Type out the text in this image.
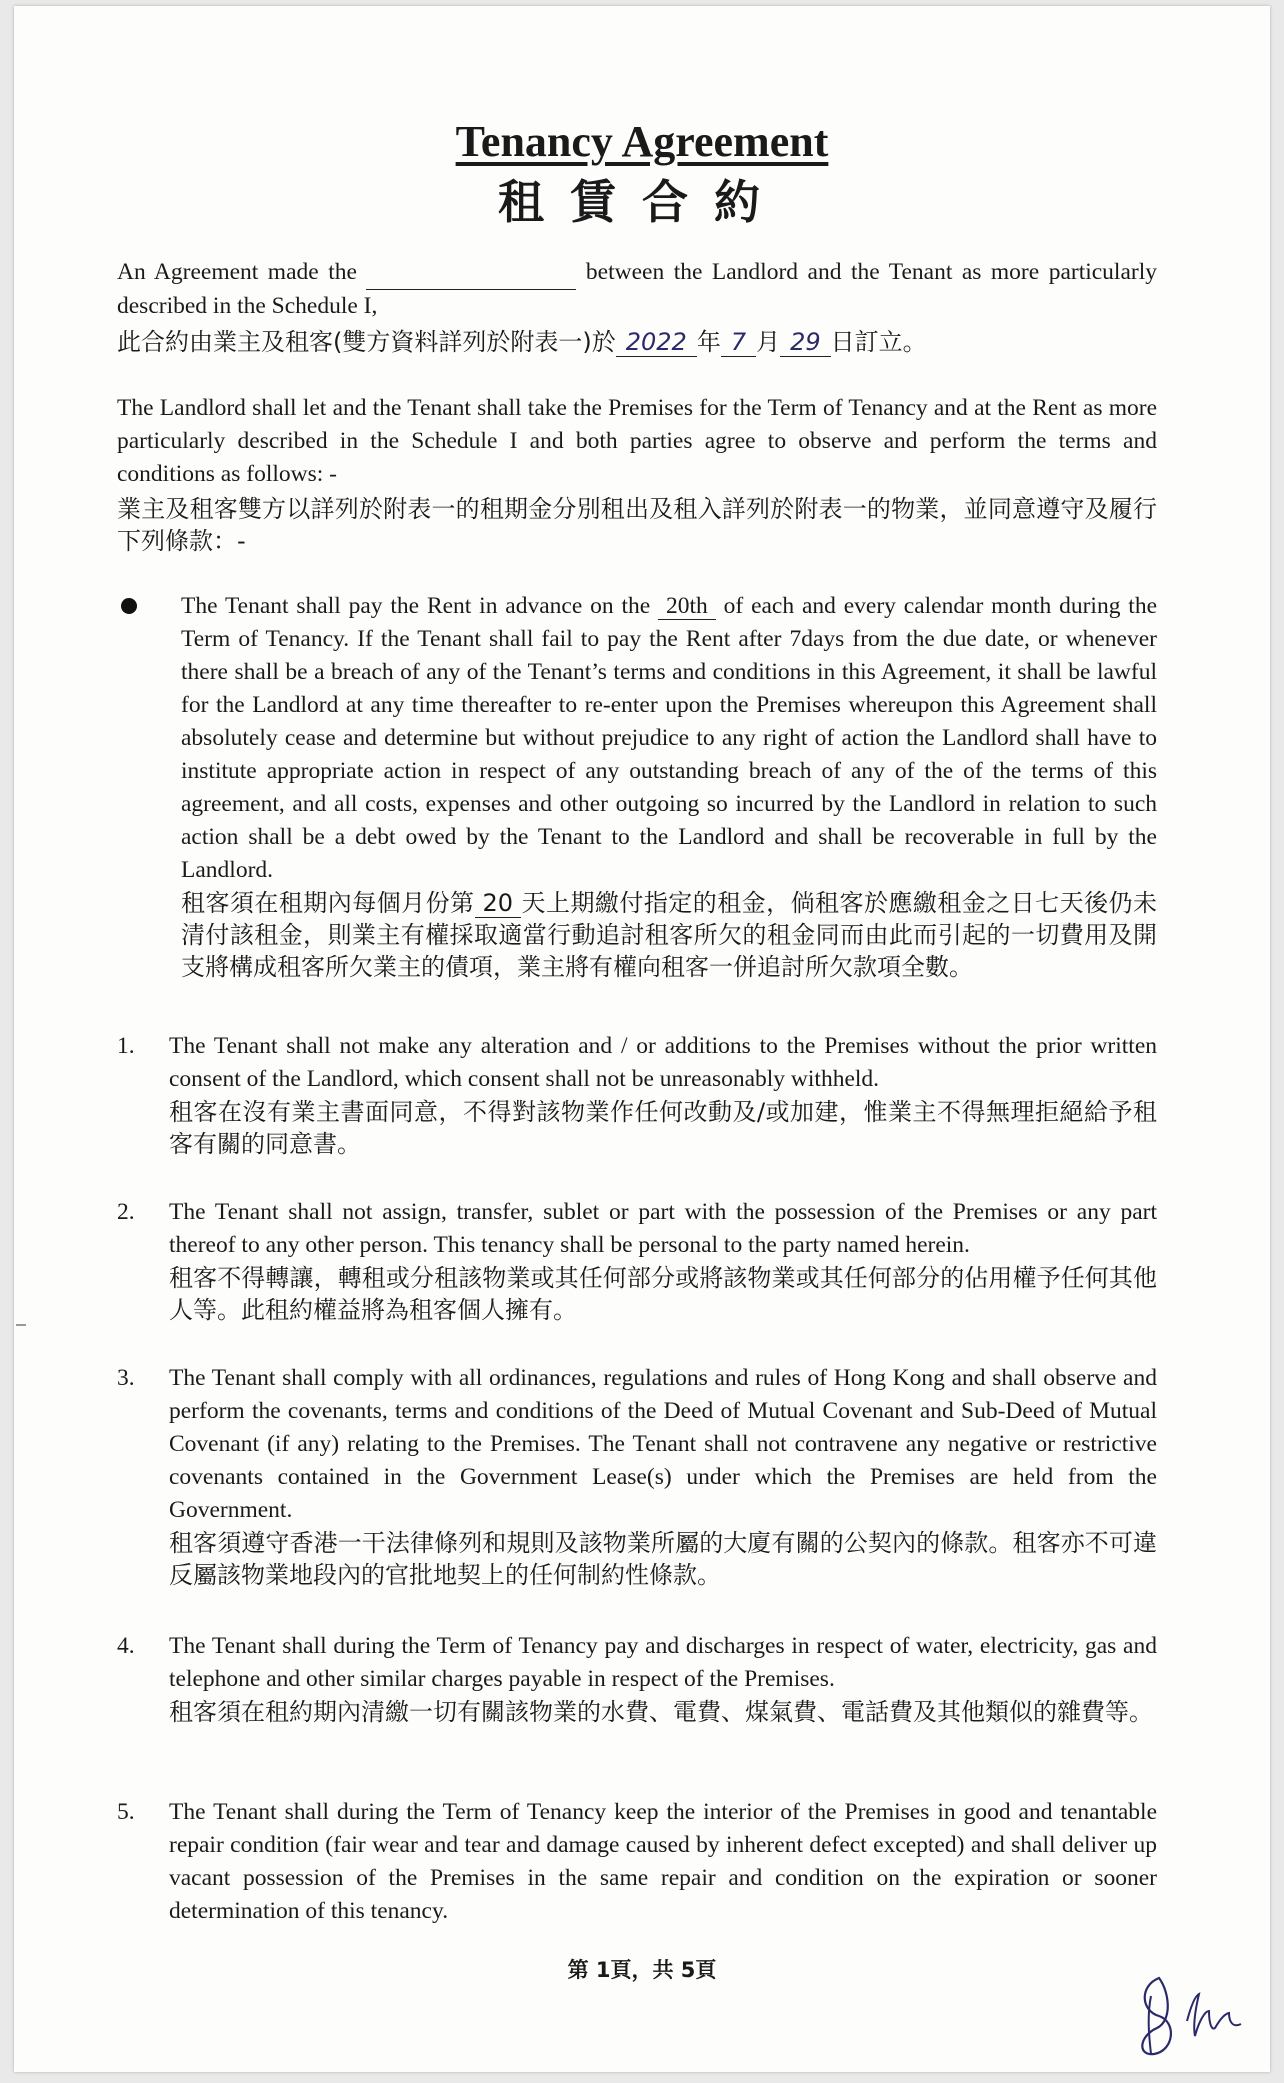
Tenancy Agreement
租賃合約
An Agreement made the	between the Landlord and the Tenant as more particularly described in the Schedule I,
此合約由業主及租客(雙方資料詳列於附表一)於 2022 年 7 月 29 日訂立。
The Landlord shall let and the Tenant shall take the Premises for the Term of Tenancy and at the Rent as more particularly described in the Schedule I and both parties agree to observe and perform the terms and conditions as follows: -
業主及租客雙方以詳列於附表一的租期金分別租出及租入詳列於附表一的物業，並同意遵守及履行下列條款：-
The Tenant shall pay the Rent in advance on the 20th of each and every calendar month during the Term of Tenancy. If the Tenant shall fail to pay the Rent after 7days from the due date, or whenever there shall be a breach of any of the Tenant’s terms and conditions in this Agreement, it shall be lawful for the Landlord at any time thereafter to re-enter upon the Premises whereupon this Agreement shall absolutely cease and determine but without prejudice to any right of action the Landlord shall have to institute appropriate action in respect of any outstanding breach of any of the of the terms of this agreement, and all costs, expenses and other outgoing so incurred by the Landlord in relation to such action shall be a debt owed by the Tenant to the Landlord and shall be recoverable in full by the Landlord.
租客須在租期內每個月份第 20 天上期繳付指定的租金，倘租客於應繳租金之日七天後仍未清付該租金，則業主有權採取適當行動追討租客所欠的租金同而由此而引起的一切費用及開支將構成租客所欠業主的債項，業主將有權向租客一併追討所欠款項全數。
1.	The Tenant shall not make any alteration and / or additions to the Premises without the prior written consent of the Landlord, which consent shall not be unreasonably withheld.
租客在沒有業主書面同意，不得對該物業作任何改動及/或加建，惟業主不得無理拒絕給予租客有關的同意書。
2.	The Tenant shall not assign, transfer, sublet or part with the possession of the Premises or any part thereof to any other person. This tenancy shall be personal to the party named herein.
租客不得轉讓，轉租或分租該物業或其任何部分或將該物業或其任何部分的佔用權予任何其他人等。此租約權益將為租客個人擁有。
3.	The Tenant shall comply with all ordinances, regulations and rules of Hong Kong and shall observe and perform the covenants, terms and conditions of the Deed of Mutual Covenant and Sub-Deed of Mutual Covenant (if any) relating to the Premises. The Tenant shall not contravene any negative or restrictive covenants contained in the Government Lease(s) under which the Premises are held from the Government.
租客須遵守香港一干法律條列和規則及該物業所屬的大廈有關的公契內的條款。租客亦不可違反屬該物業地段內的官批地契上的任何制約性條款。
4.	The Tenant shall during the Term of Tenancy pay and discharges in respect of water, electricity, gas and telephone and other similar charges payable in respect of the Premises.
租客須在租約期內清繳一切有關該物業的水費、電費、煤氣費、電話費及其他類似的雜費等。
5.	The Tenant shall during the Term of Tenancy keep the interior of the Premises in good and tenantable repair condition (fair wear and tear and damage caused by inherent defect excepted) and shall deliver up vacant possession of the Premises in the same repair and condition on the expiration or sooner determination of this tenancy.
第 1頁，共 5頁
